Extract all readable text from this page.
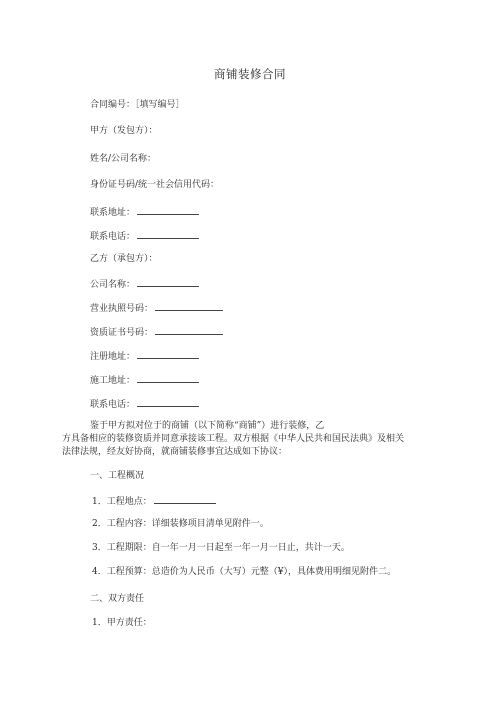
商铺装修合同
合同编号：［填写编号］
甲方（发包方）：
姓名/公司名称：
身份证号码/统一社会信用代码：
联系地址：
联系电话：
乙方（承包方）：
公司名称：
营业执照号码：
资质证书号码：
注册地址：
施工地址：
联系电话：
鉴于甲方拟对位于的商铺（以下简称“商铺”）进行装修，乙
方具备相应的装修资质并同意承接该工程。双方根据《中华人民共和国民法典》及相关
法律法规，经友好协商，就商铺装修事宜达成如下协议：
一、工程概况
1．工程地点：
2．工程内容：详细装修项目清单见附件一。
3．工程期限：自一年一月一日起至一年一月一日止，共计一天。
4．工程预算：总造价为人民币（大写）元整（¥），具体费用明细见附件二。
二、双方责任
1．甲方责任：
